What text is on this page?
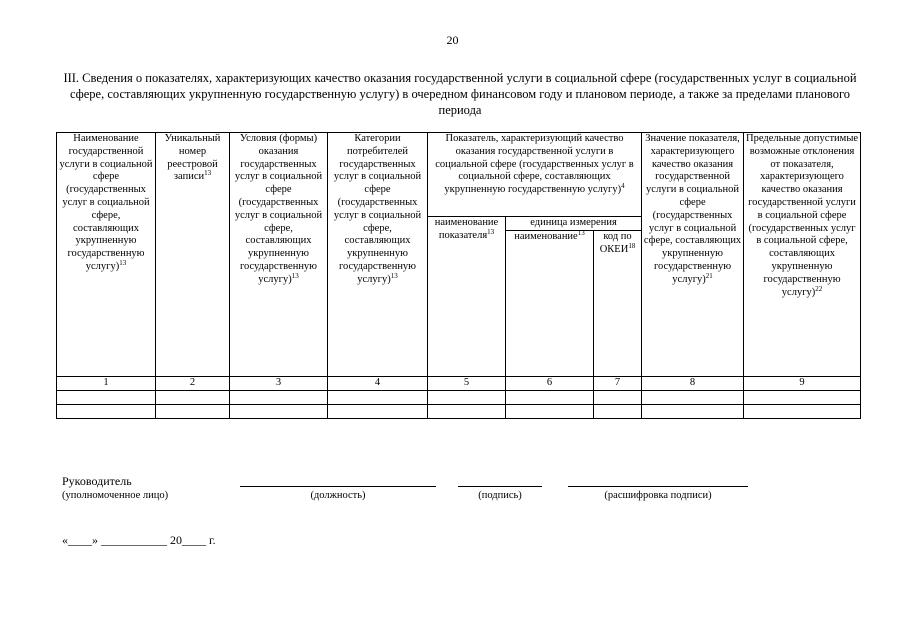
20
III. Сведения о показателях, характеризующих качество оказания государственной услуги в социальной сфере (государственных услуг в социальной сфере, составляющих укрупненную государственную услугу) в очередном финансовом году и плановом периоде, а также за пределами планового периода
Наименование государственной услуги в социальной сфере (государственных услуг в социальной сфере, составляющих укрупненную государственную услугу)$^{13}$	Уникальный номер реестровой записи$^{13}$	Условия (формы) оказания государственных услуг в социальной сфере (государственных услуг в социальной сфере, составляющих укрупненную государственную услугу)$^{13}$	Категории потребителей государственных услуг в социальной сфере (государственных услуг в социальной сфере, составляющих укрупненную государственную услугу)$^{13}$	Показатель, характеризующий качество оказания государственной услуги в социальной сфере (государственных услуг в социальной сфере, составляющих укрупненную государственную услугу)$^4$			Значение показателя, характеризующего качество оказания государственной услуги в социальной сфере (государственных услуг в социальной сфере, составляющих укрупненную государственную услугу)$^{21}$	Предельные допустимые возможные отклонения от показателя, характеризующего качество оказания государственной услуги в социальной сфере (государственных услуг в социальной сфере, составляющих укрупненную государственную услугу)$^{22}$
				наименование показателя$^{13}$	единица измерения			
					наименование$^{13}$	код по ОКЕИ$^{18}$
1	2	3	4	5	6	7	8	9

Руководитель
(уполномоченное лицо)	(должность)	(подпись)	(расшифровка подписи)
«____» ___________ 20____ г.
